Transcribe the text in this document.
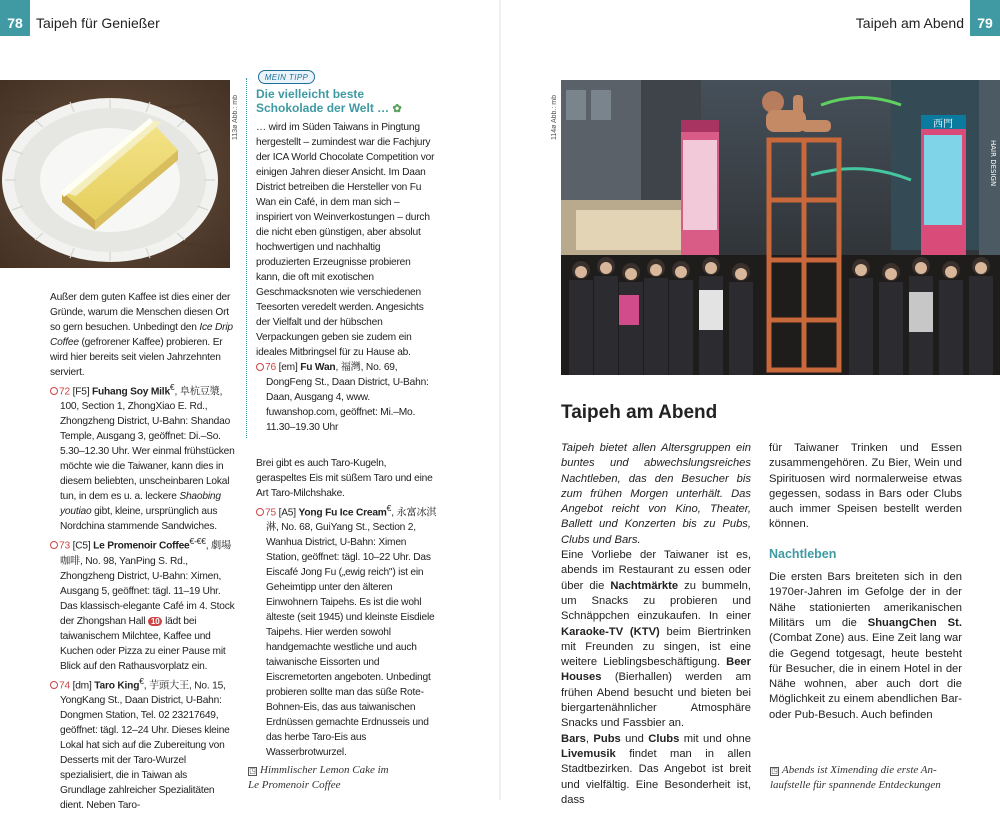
78 Taipeh für Genießer	Taipeh am Abend 79
113ø Abb.: mb

Außer dem guten Kaffee ist dies einer der Gründe, warum die Menschen diesen Ort so gern besuchen. Unbedingt den Ice Drip Coffee (gefrorener Kaffee) probieren. Er wird hier bereits seit vielen Jahrzehnten serviert.

72 [F5] Fuhang Soy Milk€, 阜杭豆漿, 100, Section 1, ZhongXiao E. Rd., Zhongzheng District, U-Bahn: Shandao Temple, Ausgang 3, geöffnet: Di.–So. 5.30–12.30 Uhr. Wer einmal frühstücken möchte wie die Taiwaner, kann dies in diesem beliebten, unscheinbaren Lokal tun, in dem es u. a. leckere Shaobing youtiao gibt, kleine, ursprünglich aus Nordchina stammende Sandwiches.

73 [C5] Le Promenoir Coffee€-€€, 劇場咖啡, No. 98, YanPing S. Rd., Zhongzheng District, U-Bahn: Ximen, Ausgang 5, geöffnet: tägl. 11–19 Uhr. Das klassisch-elegante Café im 4. Stock der Zhongshan Hall 10 lädt bei taiwanischem Milchtee, Kaffee und Kuchen oder Pizza zu einer Pause mit Blick auf den Rathausvorplatz ein.

74 [dm] Taro King€, 芋頭大王, No. 15, YongKang St., Daan District, U-Bahn: Dongmen Station, Tel. 02 23217649, geöffnet: tägl. 12–24 Uhr. Dieses kleine Lokal hat sich auf die Zubereitung von Desserts mit der Taro-Wurzel spezialisiert, die in Taiwan als Grundlage zahlreicher Spezialitäten dient. Neben Taro-

MEIN TIPP
Die vielleicht beste
Schokolade der Welt … ✿

… wird im Süden Taiwans in Pingtung hergestellt – zumindest war die Fachjury der ICA World Chocolate Competition vor einigen Jahren dieser Ansicht. Im Daan District betreiben die Hersteller von Fu Wan ein Café, in dem man sich – inspiriert von Weinverkostungen – durch die nicht eben günstigen, aber absolut hochwertigen und nachhaltig produzierten Erzeugnisse probieren kann, die oft mit exotischen Geschmacksnoten wie verschiedenen Teesorten veredelt werden. Angesichts der Vielfalt und der hübschen Verpackungen geben sie zudem ein ideales Mitbringsel für zu Hause ab.

76 [em] Fu Wan, 福灣, No. 69, DongFeng St., Daan District, U-Bahn: Daan, Ausgang 4, www. fuwanshop.com, geöffnet: Mi.–Mo. 11.30–19.30 Uhr

Brei gibt es auch Taro-Kugeln, geraspeltes Eis mit süßem Taro und eine Art Taro-Milchshake.

75 [A5] Yong Fu Ice Cream€, 永富冰淇淋, No. 68, GuiYang St., Section 2, Wanhua District, U-Bahn: Ximen Station, geöffnet: tägl. 10–22 Uhr. Das Eiscafé Jong Fu („ewig reich") ist ein Geheimtipp unter den älteren Einwohnern Taipehs. Es ist die wohl älteste (seit 1945) und kleinste Eisdiele Taipehs. Hier werden sowohl handgemachte westliche und auch taiwanische Eissorten und Eiscremetorten angeboten. Unbedingt probieren sollte man das süße Rote-Bohnen-Eis, das aus taiwanischen Erdnüssen gemachte Erdnusseis und das herbe Taro-Eis aus Wasserbrotwurzel.

◳ Himmlischer Lemon Cake im
Le Promenoir Coffee
◳ Abends ist Ximending die erste An-
laufstelle für spannende Entdeckungen
西門
HAIR DESIGN
114ø Abb.: mb
Taipeh am Abend

Taipeh bietet allen Altersgruppen ein buntes und abwechslungsreiches Nachtleben, das den Besucher bis zum frühen Morgen unterhält. Das Angebot reicht von Kino, Theater, Ballett und Konzerten bis zu Pubs, Clubs und Bars.

Eine Vorliebe der Taiwaner ist es, abends im Restaurant zu essen oder über die Nachtmärkte zu bummeln, um Snacks zu probieren und Schnäppchen einzukaufen. In einer Karaoke-TV (KTV) beim Biertrinken mit Freunden zu singen, ist eine weitere Lieblingsbeschäftigung. Beer Houses (Bierhallen) werden am frühen Abend besucht und bieten bei biergartenähnlicher Atmosphäre Snacks und Fassbier an.

Bars, Pubs und Clubs mit und ohne Livemusik findet man in allen Stadtbezirken. Das Angebot ist breit und vielfältig. Eine Besonderheit ist, dass

für Taiwaner Trinken und Essen zusammengehören. Zu Bier, Wein und Spirituosen wird normalerweise etwas gegessen, sodass in Bars oder Clubs auch immer Speisen bestellt werden können.

Nachtleben

Die ersten Bars breiteten sich in den 1970er-Jahren im Gefolge der in der Nähe stationierten amerikanischen Militärs um die ShuangChen St. (Combat Zone) aus. Eine Zeit lang war die Gegend totgesagt, heute besteht für Besucher, die in einem Hotel in der Nähe wohnen, aber auch dort die Möglichkeit zu einem abendlichen Bar- oder Pub-Besuch. Auch befinden
